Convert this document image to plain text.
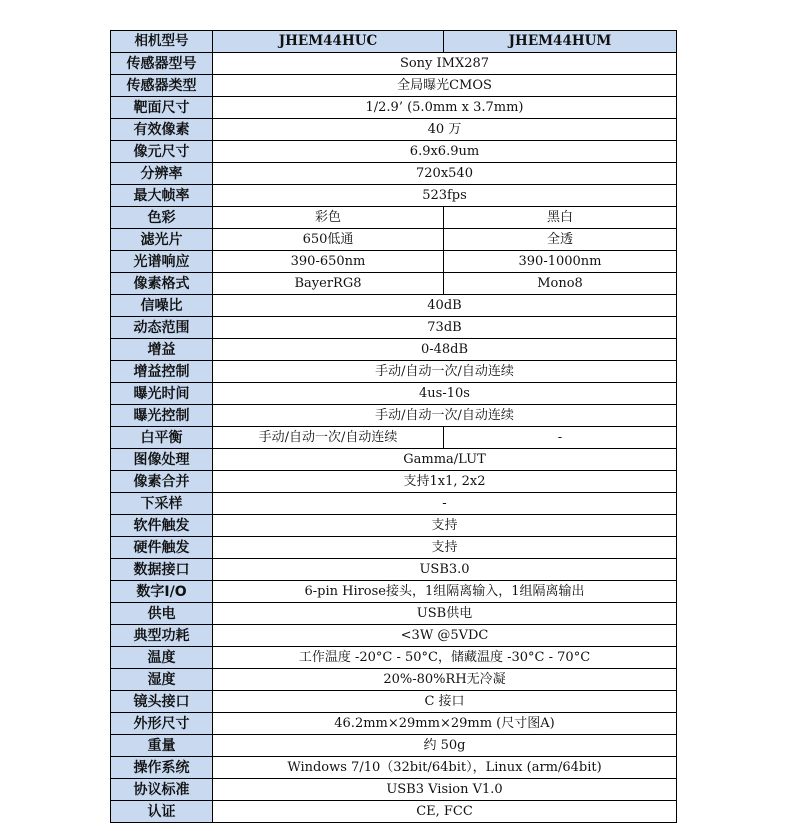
相机型号	JHEM44HUC	JHEM44HUM
传感器型号	Sony IMX287	
传感器类型	全局曝光CMOS	
靶面尺寸	1/2.9’ (5.0mm x 3.7mm)	
有效像素	40 万	
像元尺寸	6.9x6.9um	
分辨率	720x540	
最大帧率	523fps	
色彩	彩色	黑白
滤光片	650低通	全透
光谱响应	390-650nm	390-1000nm
像素格式	BayerRG8	Mono8
信噪比	40dB	
动态范围	73dB	
增益	0-48dB	
增益控制	手动/自动一次/自动连续	
曝光时间	4us-10s	
曝光控制	手动/自动一次/自动连续	
白平衡	手动/自动一次/自动连续	-
图像处理	Gamma/LUT	
像素合并	支持1x1, 2x2	
下采样	-	
软件触发	支持	
硬件触发	支持	
数据接口	USB3.0	
数字I/O	6-pin Hirose接头，1组隔离输入，1组隔离输出	
供电	USB供电	
典型功耗	<3W @5VDC	
温度	工作温度 -20°C - 50°C，储藏温度 -30°C - 70°C	
湿度	20%-80%RH无冷凝	
镜头接口	C 接口	
外形尺寸	46.2mm×29mm×29mm (尺寸图A)	
重量	约 50g	
操作系统	Windows 7/10（32bit/64bit），Linux (arm/64bit)	
协议标准	USB3 Vision V1.0	
认证	CE, FCC	
